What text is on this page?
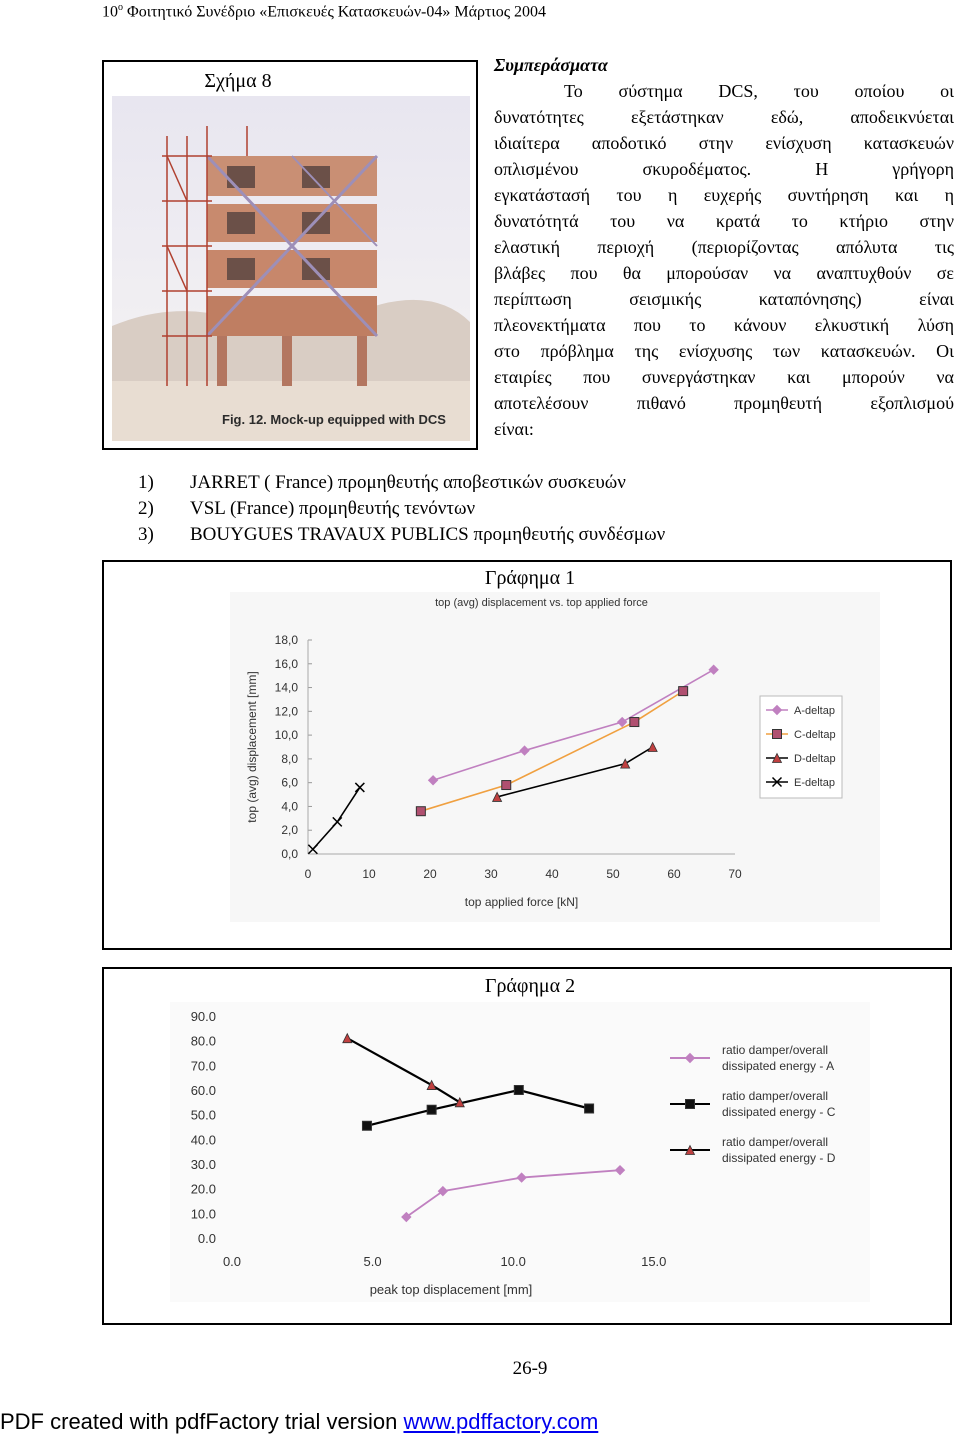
$10^o$ Φοιτητικό Συνέδριο «Επισκευές Κατασκευών-04» Μάρτιος 2004
Σχήμα 8
Fig. 12. Mock-up equipped with DCS
Συμπεράσματα
Το σύστημα DCS, του οποίου οι
δυνατότητες εξετάστηκαν εδώ, αποδεικνύεται
ιδιαίτερα αποδοτικό στην ενίσχυση κατασκευών
οπλισμένου σκυροδέματος. Η γρήγορη
εγκατάστασή του η ευχερής συντήρηση και η
δυνατότητά του να κρατά το κτήριο στην
ελαστική περιοχή (περιορίζοντας απόλυτα τις
βλάβες που θα μπορούσαν να αναπτυχθούν σε
περίπτωση σεισμικής καταπόνησης) είναι
πλεονεκτήματα που το κάνουν ελκυστική λύση
στο πρόβλημα της ενίσχυσης των κατασκευών. Οι
εταιρίες που συνεργάστηκαν και μπορούν να
αποτελέσουν πιθανό προμηθευτή εξοπλισμού
είναι:
1) JARRET ( France) προμηθευτής αποβεστικών συσκευών
2) VSL (France) προμηθευτής τενόντων
3) BOUYGUES TRAVAUX PUBLICS προμηθευτής συνδέσμων
Γράφημα 1
top (avg) displacement vs. top applied force
0,0
2,0
4,0
6,0
8,0
10,0
12,0
14,0
16,0
18,0
0	10	20	30	40	50	60	70
top applied force [kN]
top (avg) displacement [mm]	A-deltap
C-deltap
D-deltap
E-deltap
Γράφημα 2
0.0
10.0
20.0
30.0
40.0
50.0
60.0
70.0
80.0
90.0
0.0	5.0	10.0	15.0
peak top displacement [mm]
ratio damper/overall dissipated energy - A
ratio damper/overall dissipated energy - C
ratio damper/overall dissipated energy - D
26-9
PDF created with pdfFactory trial version www.pdffactory.com
